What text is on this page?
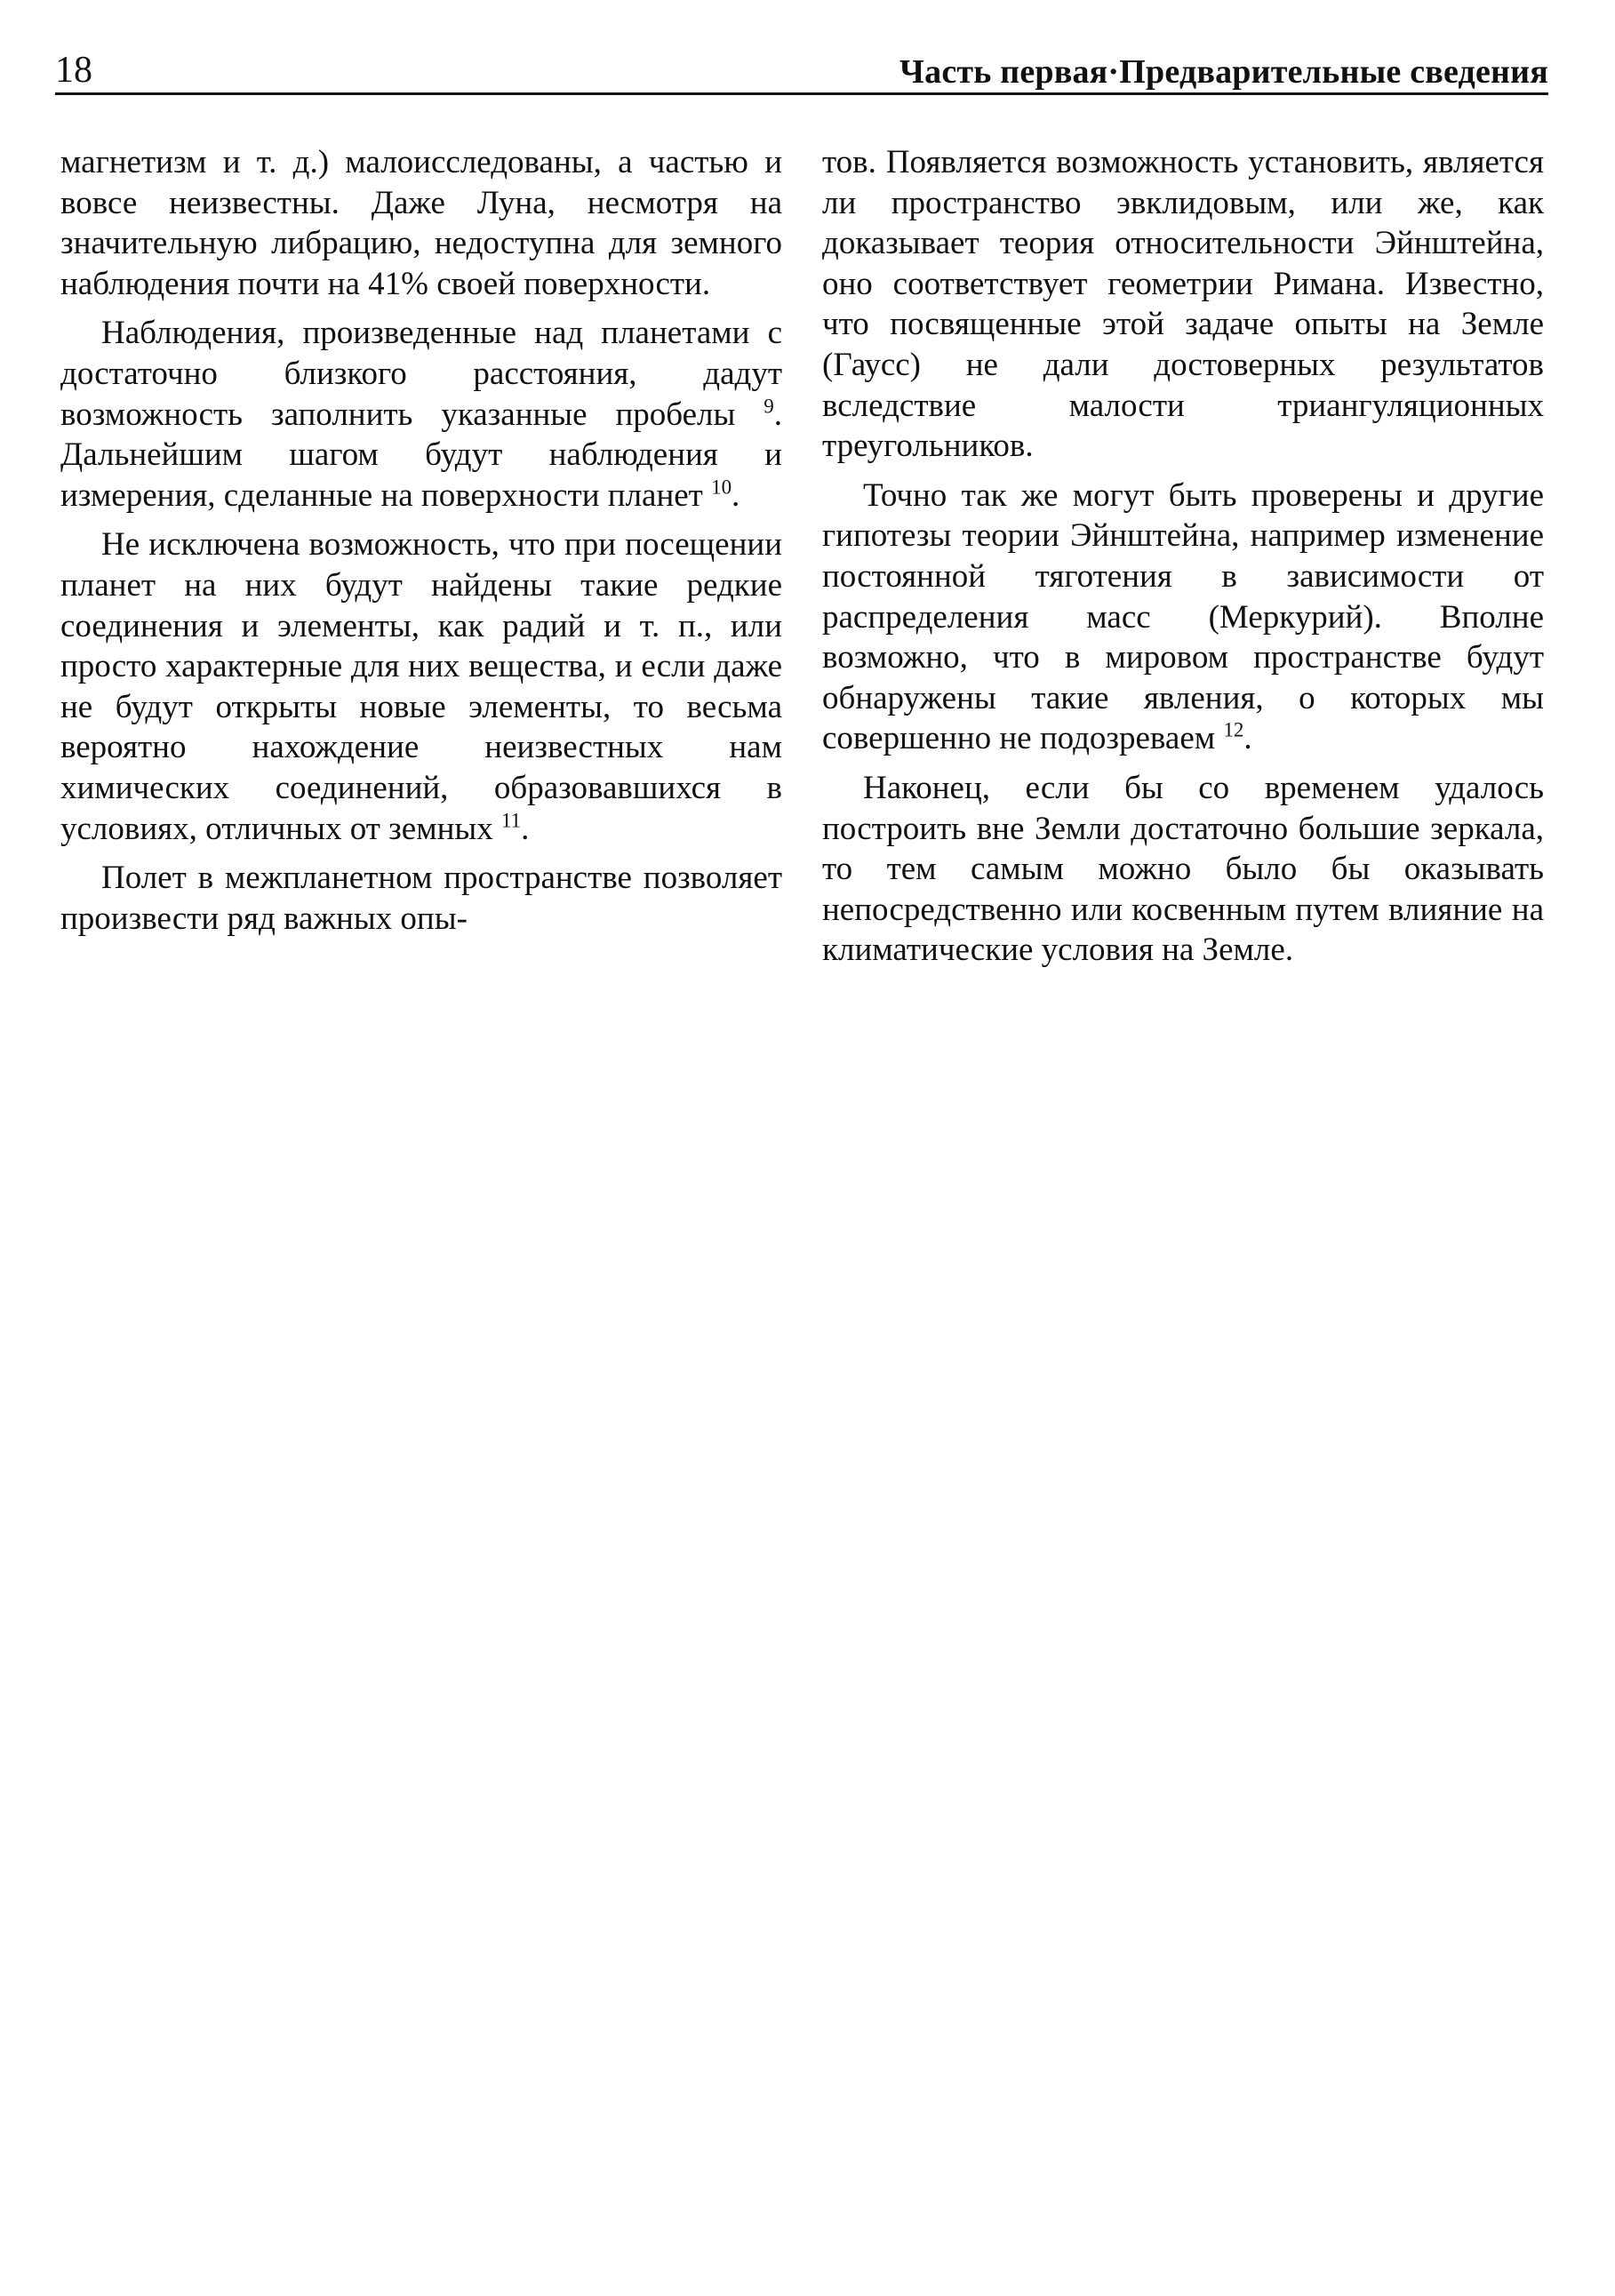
18	Часть первая·Предварительные сведения

магнетизм и т. д.) малоисследованы, а частью и вовсе неизвестны. Даже Луна, несмотря на значительную либрацию, недоступна для земного наблюдения почти на 41% своей поверхности.

Наблюдения, произведенные над планетами с достаточно близкого расстояния, дадут возможность заполнить указанные пробелы $^9$. Дальнейшим шагом будут наблюдения и измерения, сделанные на поверхности планет $^{10}$.

Не исключена возможность, что при посещении планет на них будут найдены такие редкие соединения и элементы, как радий и т. п., или просто характерные для них вещества, и если даже не будут открыты новые элементы, то весьма вероятно нахождение неизвестных нам химических соединений, образовавшихся в условиях, отличных от земных $^{11}$.

Полет в межпланетном пространстве позволяет произвести ряд важных опы-

тов. Появляется возможность установить, является ли пространство эвклидовым, или же, как доказывает теория относительности Эйнштейна, оно соответствует геометрии Римана. Известно, что посвященные этой задаче опыты на Земле (Гаусс) не дали достоверных результатов вследствие малости триангуляционных треугольников.

Точно так же могут быть проверены и другие гипотезы теории Эйнштейна, например изменение постоянной тяготения в зависимости от распределения масс (Меркурий). Вполне возможно, что в мировом пространстве будут обнаружены такие явления, о которых мы совершенно не подозреваем $^{12}$.

Наконец, если бы со временем удалось построить вне Земли достаточно большие зеркала, то тем самым можно было бы оказывать непосредственно или косвенным путем влияние на климатические условия на Земле.
